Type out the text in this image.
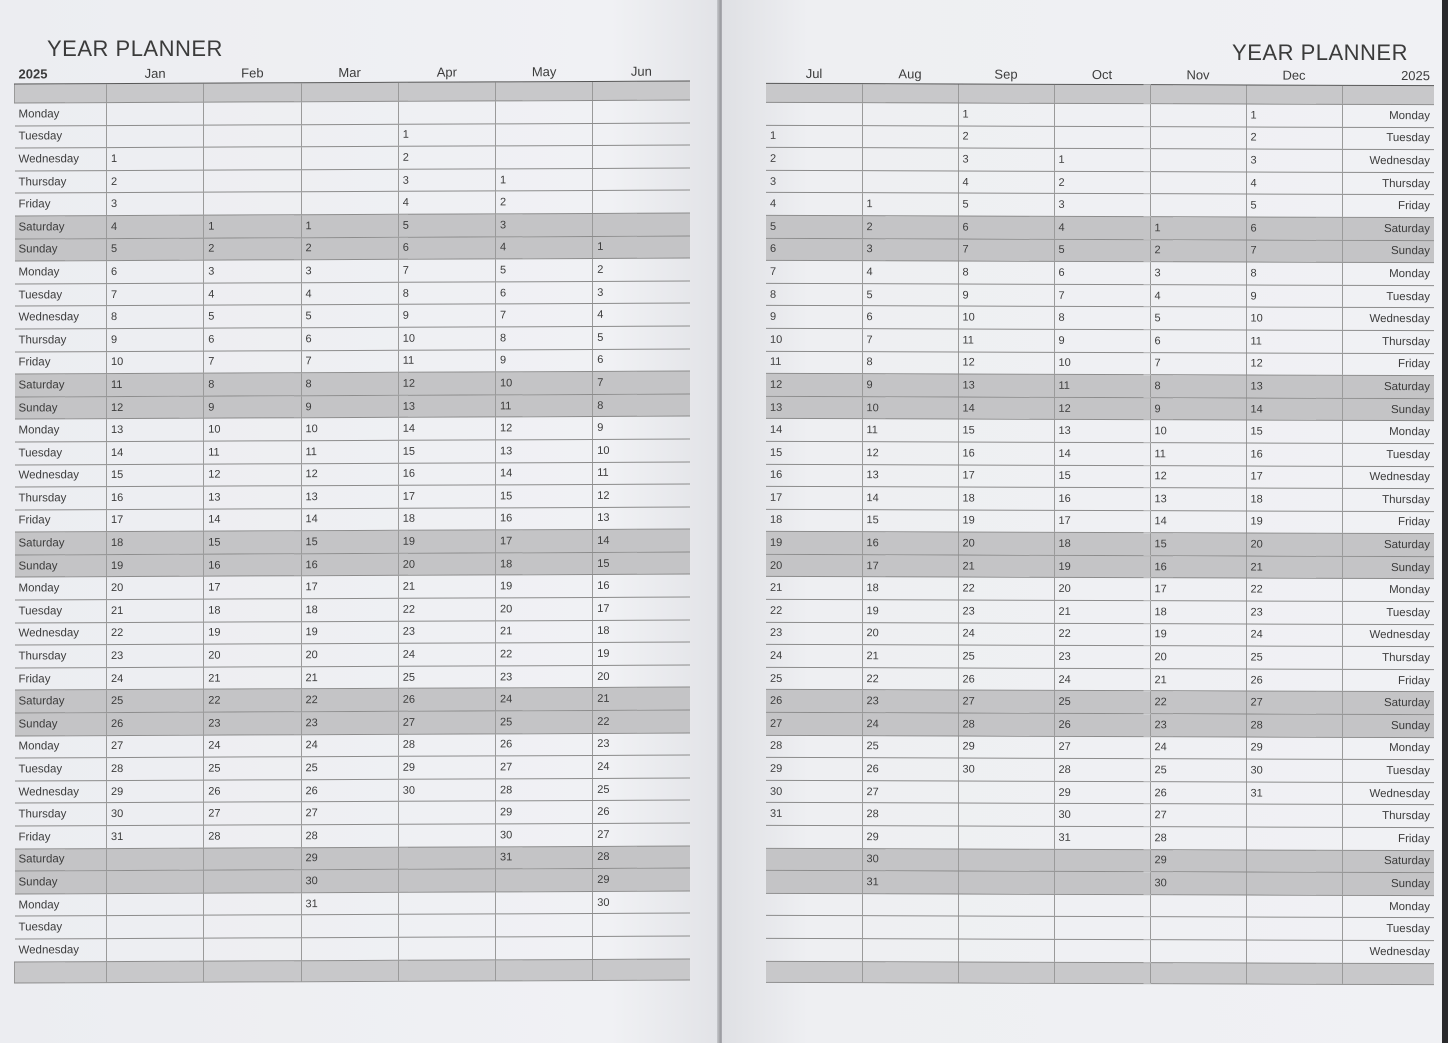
YEAR PLANNER
2025	Jan	Feb	Mar	Apr	May	Jun

Monday						
Tuesday				1		
Wednesday	1			2		
Thursday	2			3	1	
Friday	3			4	2	
Saturday	4	1	1	5	3	
Sunday	5	2	2	6	4	1
Monday	6	3	3	7	5	2
Tuesday	7	4	4	8	6	3
Wednesday	8	5	5	9	7	4
Thursday	9	6	6	10	8	5
Friday	10	7	7	11	9	6
Saturday	11	8	8	12	10	7
Sunday	12	9	9	13	11	8
Monday	13	10	10	14	12	9
Tuesday	14	11	11	15	13	10
Wednesday	15	12	12	16	14	11
Thursday	16	13	13	17	15	12
Friday	17	14	14	18	16	13
Saturday	18	15	15	19	17	14
Sunday	19	16	16	20	18	15
Monday	20	17	17	21	19	16
Tuesday	21	18	18	22	20	17
Wednesday	22	19	19	23	21	18
Thursday	23	20	20	24	22	19
Friday	24	21	21	25	23	20
Saturday	25	22	22	26	24	21
Sunday	26	23	23	27	25	22
Monday	27	24	24	28	26	23
Tuesday	28	25	25	29	27	24
Wednesday	29	26	26	30	28	25
Thursday	30	27	27		29	26
Friday	31	28	28		30	27
Saturday			29		31	28
Sunday			30			29
Monday			31			30
Tuesday						
Wednesday						

YEAR PLANNER
Jul	Aug	Sep	Oct	Nov	Dec	2025

		1			1	Monday
1		2			2	Tuesday
2		3	1		3	Wednesday
3		4	2		4	Thursday
4	1	5	3		5	Friday
5	2	6	4	1	6	Saturday
6	3	7	5	2	7	Sunday
7	4	8	6	3	8	Monday
8	5	9	7	4	9	Tuesday
9	6	10	8	5	10	Wednesday
10	7	11	9	6	11	Thursday
11	8	12	10	7	12	Friday
12	9	13	11	8	13	Saturday
13	10	14	12	9	14	Sunday
14	11	15	13	10	15	Monday
15	12	16	14	11	16	Tuesday
16	13	17	15	12	17	Wednesday
17	14	18	16	13	18	Thursday
18	15	19	17	14	19	Friday
19	16	20	18	15	20	Saturday
20	17	21	19	16	21	Sunday
21	18	22	20	17	22	Monday
22	19	23	21	18	23	Tuesday
23	20	24	22	19	24	Wednesday
24	21	25	23	20	25	Thursday
25	22	26	24	21	26	Friday
26	23	27	25	22	27	Saturday
27	24	28	26	23	28	Sunday
28	25	29	27	24	29	Monday
29	26	30	28	25	30	Tuesday
30	27		29	26	31	Wednesday
31	28		30	27		Thursday
	29		31	28		Friday
	30			29		Saturday
	31			30		Sunday
						Monday
						Tuesday
						Wednesday
